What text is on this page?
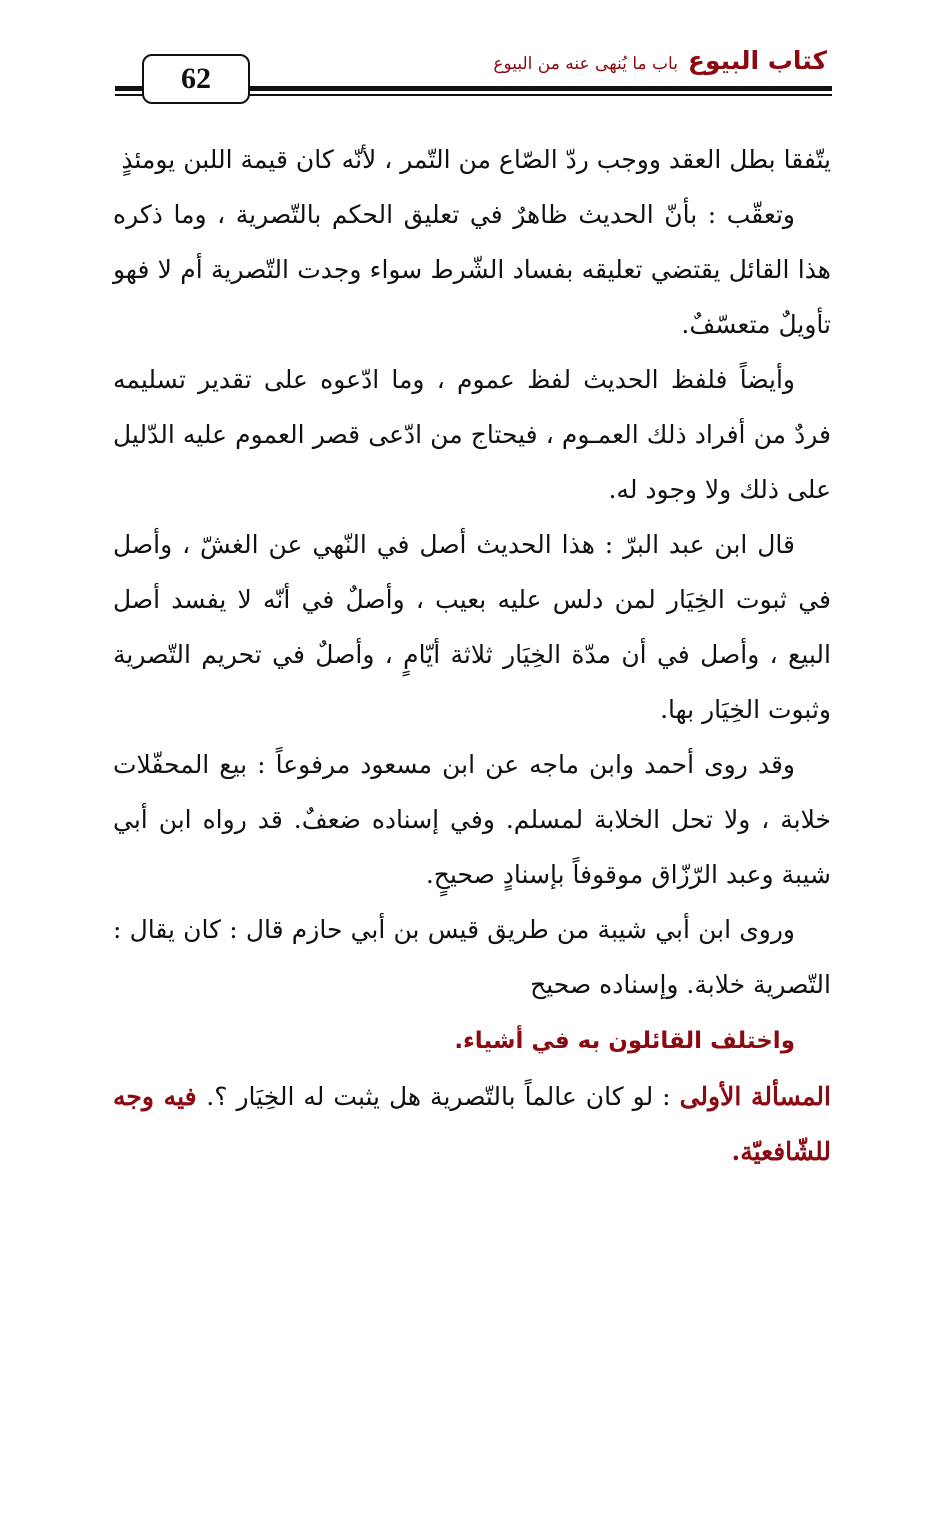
62
كتاب البيوع
باب ما يُنهى عنه من البيوع

يتّفقا بطل العقد ووجب ردّ الصّاع من التّمر ، لأنّه كان قيمة اللبن يومئذٍ

وتعقّب : بأنّ الحديث ظاهرٌ في تعليق الحكم بالتّصرية ، وما ذكره هذا القائل يقتضي تعليقه بفساد الشّرط سواء وجدت التّصرية أم لا فهو تأويلٌ متعسّفٌ.

وأيضاً فلفظ الحديث لفظ عموم ، وما ادّعوه على تقدير تسليمه فردٌ من أفراد ذلك العمـوم ، فيحتاج من ادّعى قصر العموم عليه الدّليل على ذلك ولا وجود له.

قال ابن عبد البرّ : هذا الحديث أصل في النّهي عن الغشّ ، وأصل في ثبوت الخِيَار لمن دلس عليه بعيب ، وأصلٌ في أنّه لا يفسد أصل البيع ، وأصل في أن مدّة الخِيَار ثلاثة أيّامٍ ، وأصلٌ في تحريم التّصرية وثبوت الخِيَار بها.

وقد روى أحمد وابن ماجه عن ابن مسعود مرفوعاً : بيع المحفّلات خلابة ، ولا تحل الخلابة لمسلم. وفي إسناده ضعفٌ. قد رواه ابن أبي شيبة وعبد الرّزّاق موقوفاً بإسنادٍ صحيحٍ.

وروى ابن أبي شيبة من طريق قيس بن أبي حازم قال : كان يقال : التّصرية خلابة. وإسناده صحيح

واختلف القائلون به في أشياء.

المسألة الأولى : لو كان عالماً بالتّصرية هل يثبت له الخِيَار ؟. فيه وجه للشّافعيّة.
